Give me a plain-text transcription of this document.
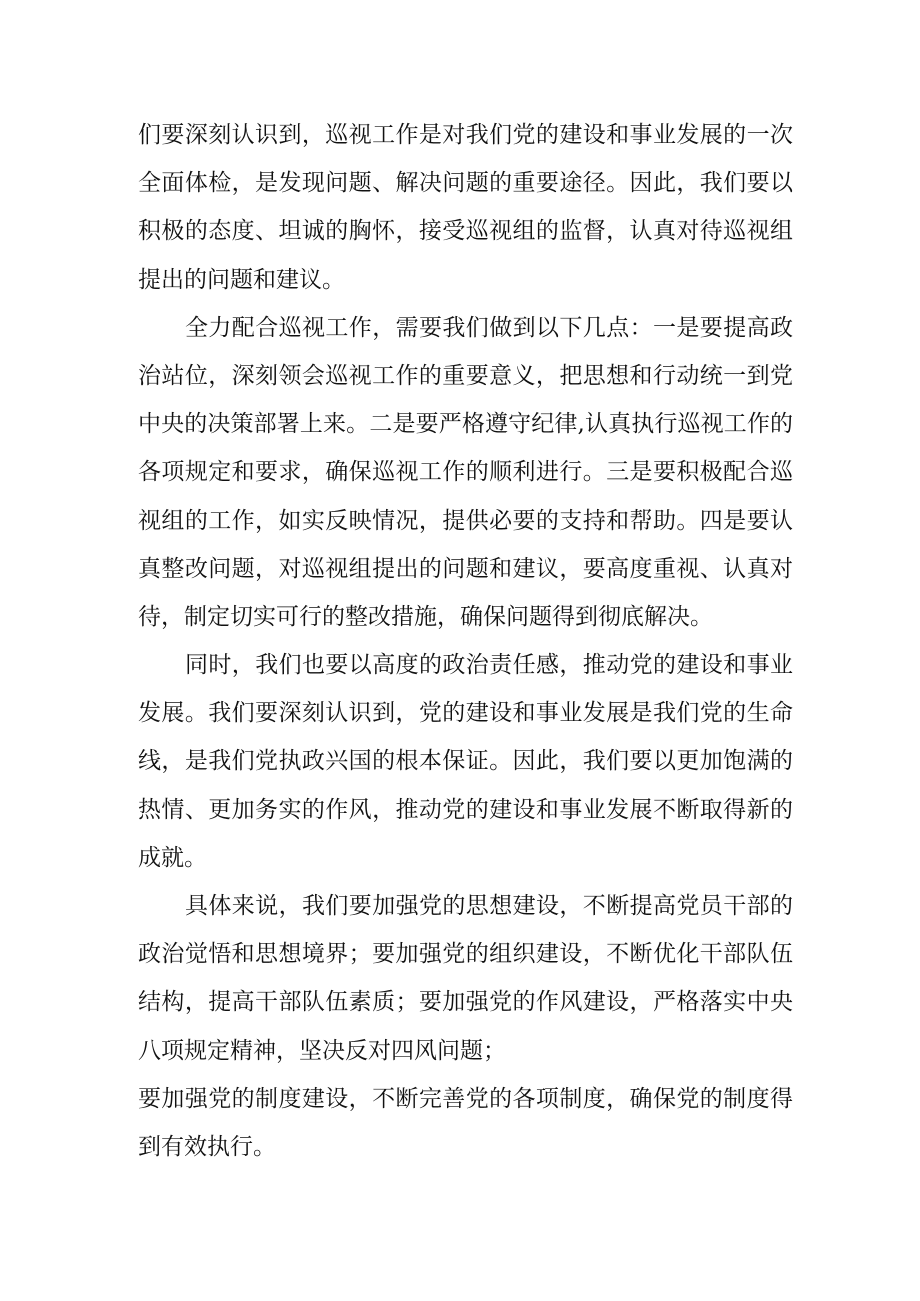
们要深刻认识到，巡视工作是对我们党的建设和事业发展的一次
全面体检，是发现问题、解决问题的重要途径。因此，我们要以
积极的态度、坦诚的胸怀，接受巡视组的监督，认真对待巡视组
提出的问题和建议。
全力配合巡视工作，需要我们做到以下几点：一是要提高政
治站位，深刻领会巡视工作的重要意义，把思想和行动统一到党
中央的决策部署上来。二是要严格遵守纪律,认真执行巡视工作的
各项规定和要求，确保巡视工作的顺利进行。三是要积极配合巡
视组的工作，如实反映情况，提供必要的支持和帮助。四是要认
真整改问题，对巡视组提出的问题和建议，要高度重视、认真对
待，制定切实可行的整改措施，确保问题得到彻底解决。
同时，我们也要以高度的政治责任感，推动党的建设和事业
发展。我们要深刻认识到，党的建设和事业发展是我们党的生命
线，是我们党执政兴国的根本保证。因此，我们要以更加饱满的
热情、更加务实的作风，推动党的建设和事业发展不断取得新的
成就。
具体来说，我们要加强党的思想建设，不断提高党员干部的
政治觉悟和思想境界；要加强党的组织建设，不断优化干部队伍
结构，提高干部队伍素质；要加强党的作风建设，严格落实中央
八项规定精神，坚决反对四风问题；
要加强党的制度建设，不断完善党的各项制度，确保党的制度得
到有效执行。
